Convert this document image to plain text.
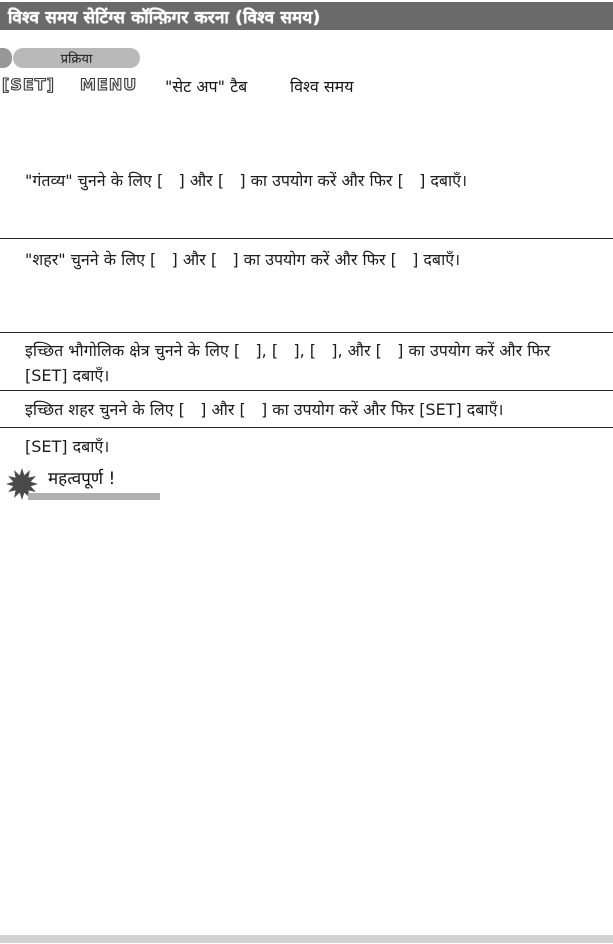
विश्व समय सेटिंग्स कॉन्फ़िगर करना (विश्व समय)
प्रक्रिया
[SET] MENU "सेट अप" टैब	विश्व समय
"गंतव्य" चुनने के लिए [   ] और [   ] का उपयोग करें और फिर [   ] दबाएँ।
"शहर" चुनने के लिए [   ] और [   ] का उपयोग करें और फिर [   ] दबाएँ।
इच्छित भौगोलिक क्षेत्र चुनने के लिए [   ], [   ], [   ], और [   ] का उपयोग करें और फिर
[SET] दबाएँ।
इच्छित शहर चुनने के लिए [   ] और [   ] का उपयोग करें और फिर [SET] दबाएँ।
[SET] दबाएँ।
महत्वपूर्ण !
